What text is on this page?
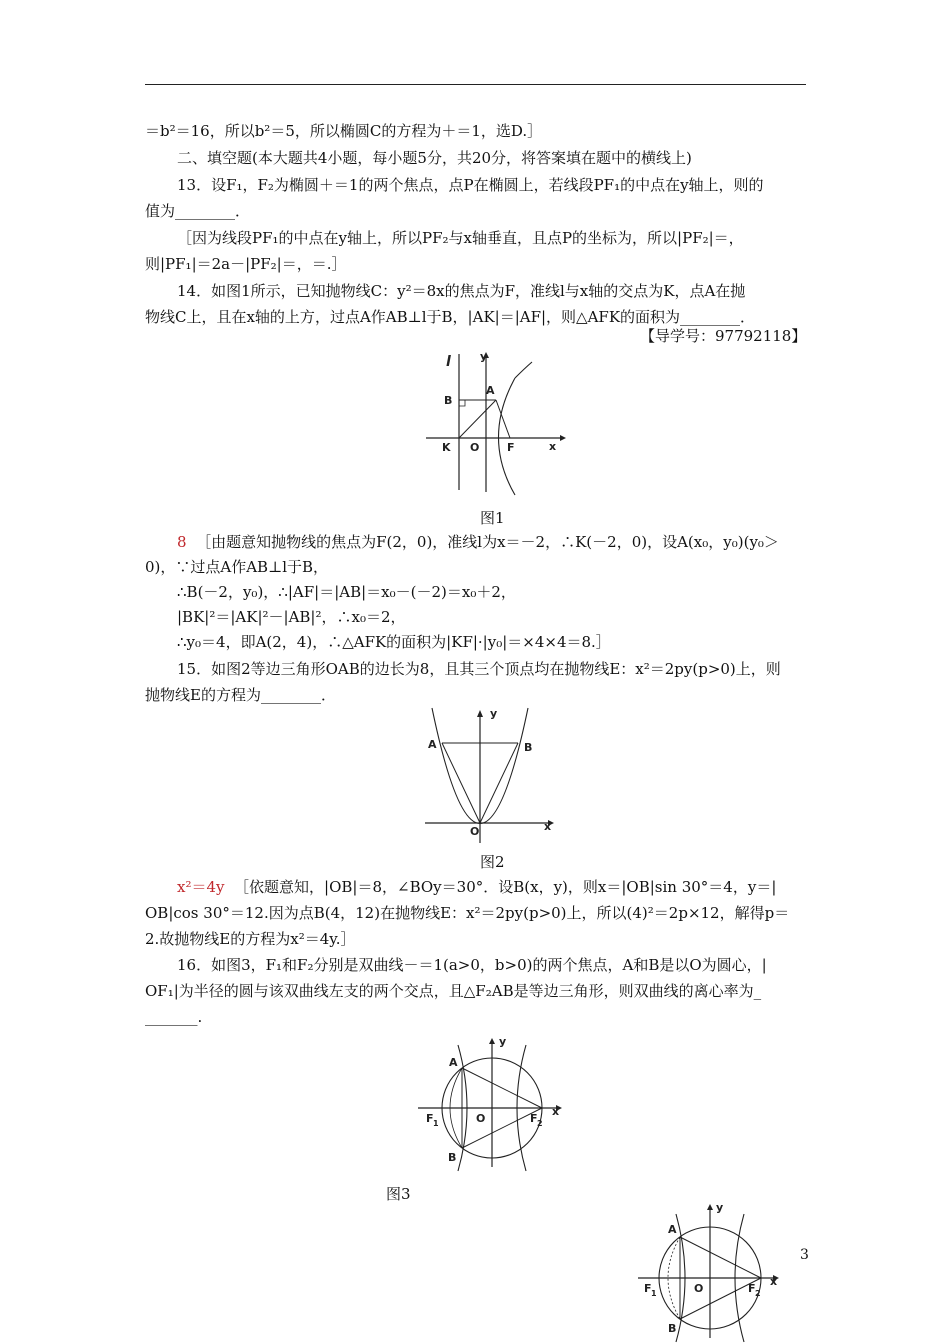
＝b²＝16，所以b²＝5，所以椭圆C的方程为＋＝1，选D.］
二、填空题(本大题共4小题，每小题5分，共20分，将答案填在题中的横线上)
13．设F₁，F₂为椭圆＋＝1的两个焦点，点P在椭圆上，若线段PF₁的中点在y轴上，则的
值为________．
［因为线段PF₁的中点在y轴上，所以PF₂与x轴垂直，且点P的坐标为，所以|PF₂|＝，
则|PF₁|＝2a－|PF₂|＝，＝.］
14．如图1所示，已知抛物线C：y²＝8x的焦点为F，准线l与x轴的交点为K，点A在抛
物线C上，且在x轴的上方，过点A作AB⊥l于B，|AK|＝|AF|，则△AFK的面积为________．
【导学号：97792118】
l	y
A
B
K O	F	x
图1
8 ［由题意知抛物线的焦点为F(2，0)，准线l为x＝－2，∴K(－2，0)，设A(x₀，y₀)(y₀＞
0)，∵过点A作AB⊥l于B，
∴B(－2，y₀)，∴|AF|＝|AB|＝x₀－(－2)＝x₀＋2，
|BK|²＝|AK|²－|AB|²，∴x₀＝2，
∴y₀＝4，即A(2，4)，∴△AFK的面积为|KF|·|y₀|＝×4×4＝8.］
15．如图2等边三角形OAB的边长为8，且其三个顶点均在抛物线E：x²＝2py(p>0)上，则
抛物线E的方程为________．
y
A	B
O	x
图2
x²＝4y ［依题意知，|OB|＝8，∠BOy＝30°．设B(x，y)，则x＝|OB|sin 30°＝4，y＝|
OB|cos 30°＝12.因为点B(4，12)在抛物线E：x²＝2py(p>0)上，所以(4)²＝2p×12，解得p＝
2.故抛物线E的方程为x²＝4y.］
16．如图3，F₁和F₂分别是双曲线－＝1(a>0，b>0)的两个焦点，A和B是以O为圆心，|
OF₁|为半径的圆与该双曲线左支的两个交点，且△F₂AB是等边三角形，则双曲线的离心率为_
_______.
y
A
B
O
F 1	F 2
x
图3
y
A
B
O
F 1	F 2
x
3
